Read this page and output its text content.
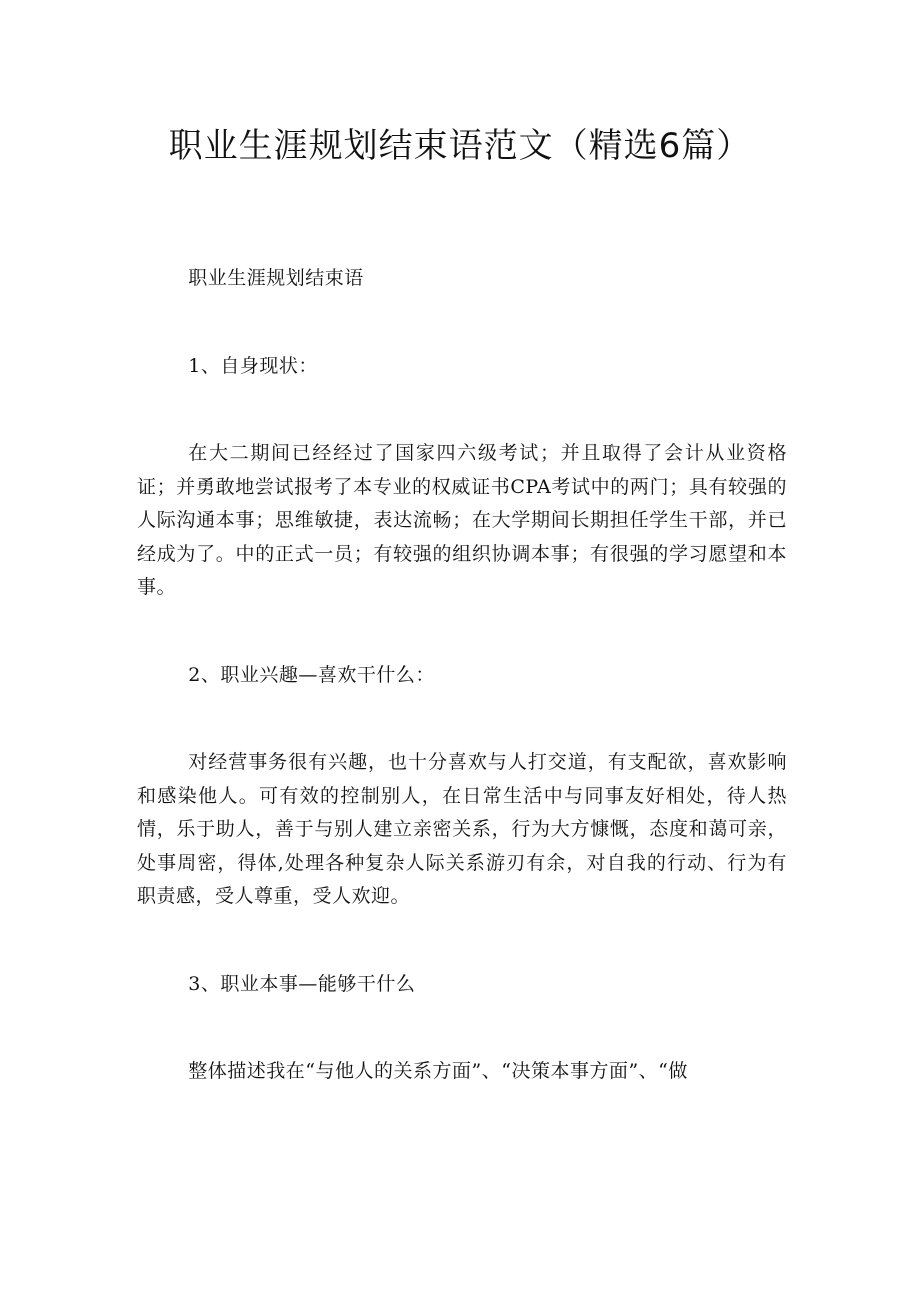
职业生涯规划结束语范文（精选6篇）

职业生涯规划结束语

1、自身现状：

在大二期间已经经过了国家四六级考试；并且取得了会计从业资格证；并勇敢地尝试报考了本专业的权威证书CPA考试中的两门；具有较强的人际沟通本事；思维敏捷，表达流畅；在大学期间长期担任学生干部，并已经成为了。中的正式一员；有较强的组织协调本事；有很强的学习愿望和本事。

2、职业兴趣—喜欢干什么：

对经营事务很有兴趣，也十分喜欢与人打交道，有支配欲，喜欢影响和感染他人。可有效的控制别人，在日常生活中与同事友好相处，待人热情，乐于助人，善于与别人建立亲密关系，行为大方慷慨，态度和蔼可亲，处事周密，得体,处理各种复杂人际关系游刃有余，对自我的行动、行为有职责感，受人尊重，受人欢迎。

3、职业本事—能够干什么

整体描述我在“与他人的关系方面”、“决策本事方面”、“做
